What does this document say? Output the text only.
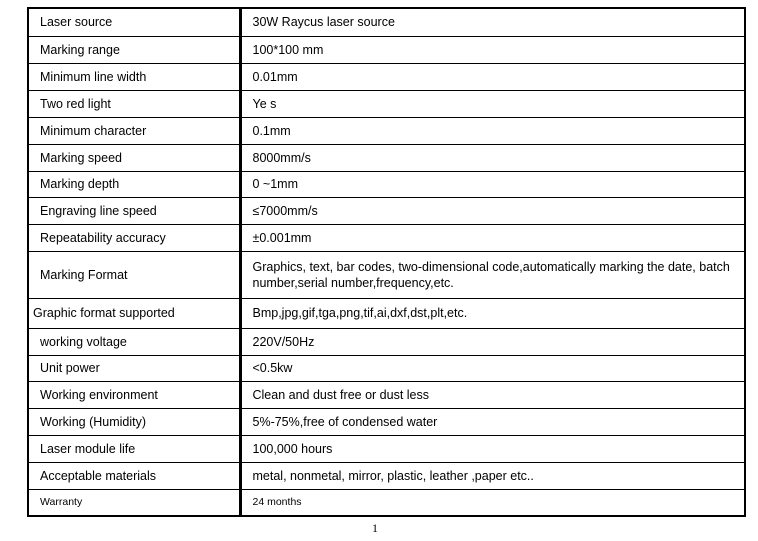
Laser source	30W Raycus laser source
Marking range	100*100 mm
Minimum line width	0.01mm
Two red light	Ye s
Minimum character	0.1mm
Marking speed	8000mm/s
Marking depth	0 ~1mm
Engraving line speed	≤7000mm/s
Repeatability accuracy	±0.001mm
Marking Format	Graphics, text, bar codes, two-dimensional code,automatically marking the date, batch number,serial number,frequency,etc.
Graphic format supported	Bmp,jpg,gif,tga,png,tif,ai,dxf,dst,plt,etc.
working voltage	220V/50Hz
Unit power	<0.5kw
Working environment	Clean and dust free or dust less
Working (Humidity)	5%-75%,free of condensed water
Laser module life	100,000 hours
Acceptable materials	metal, nonmetal, mirror, plastic, leather ,paper etc..
Warranty	24 months
1
